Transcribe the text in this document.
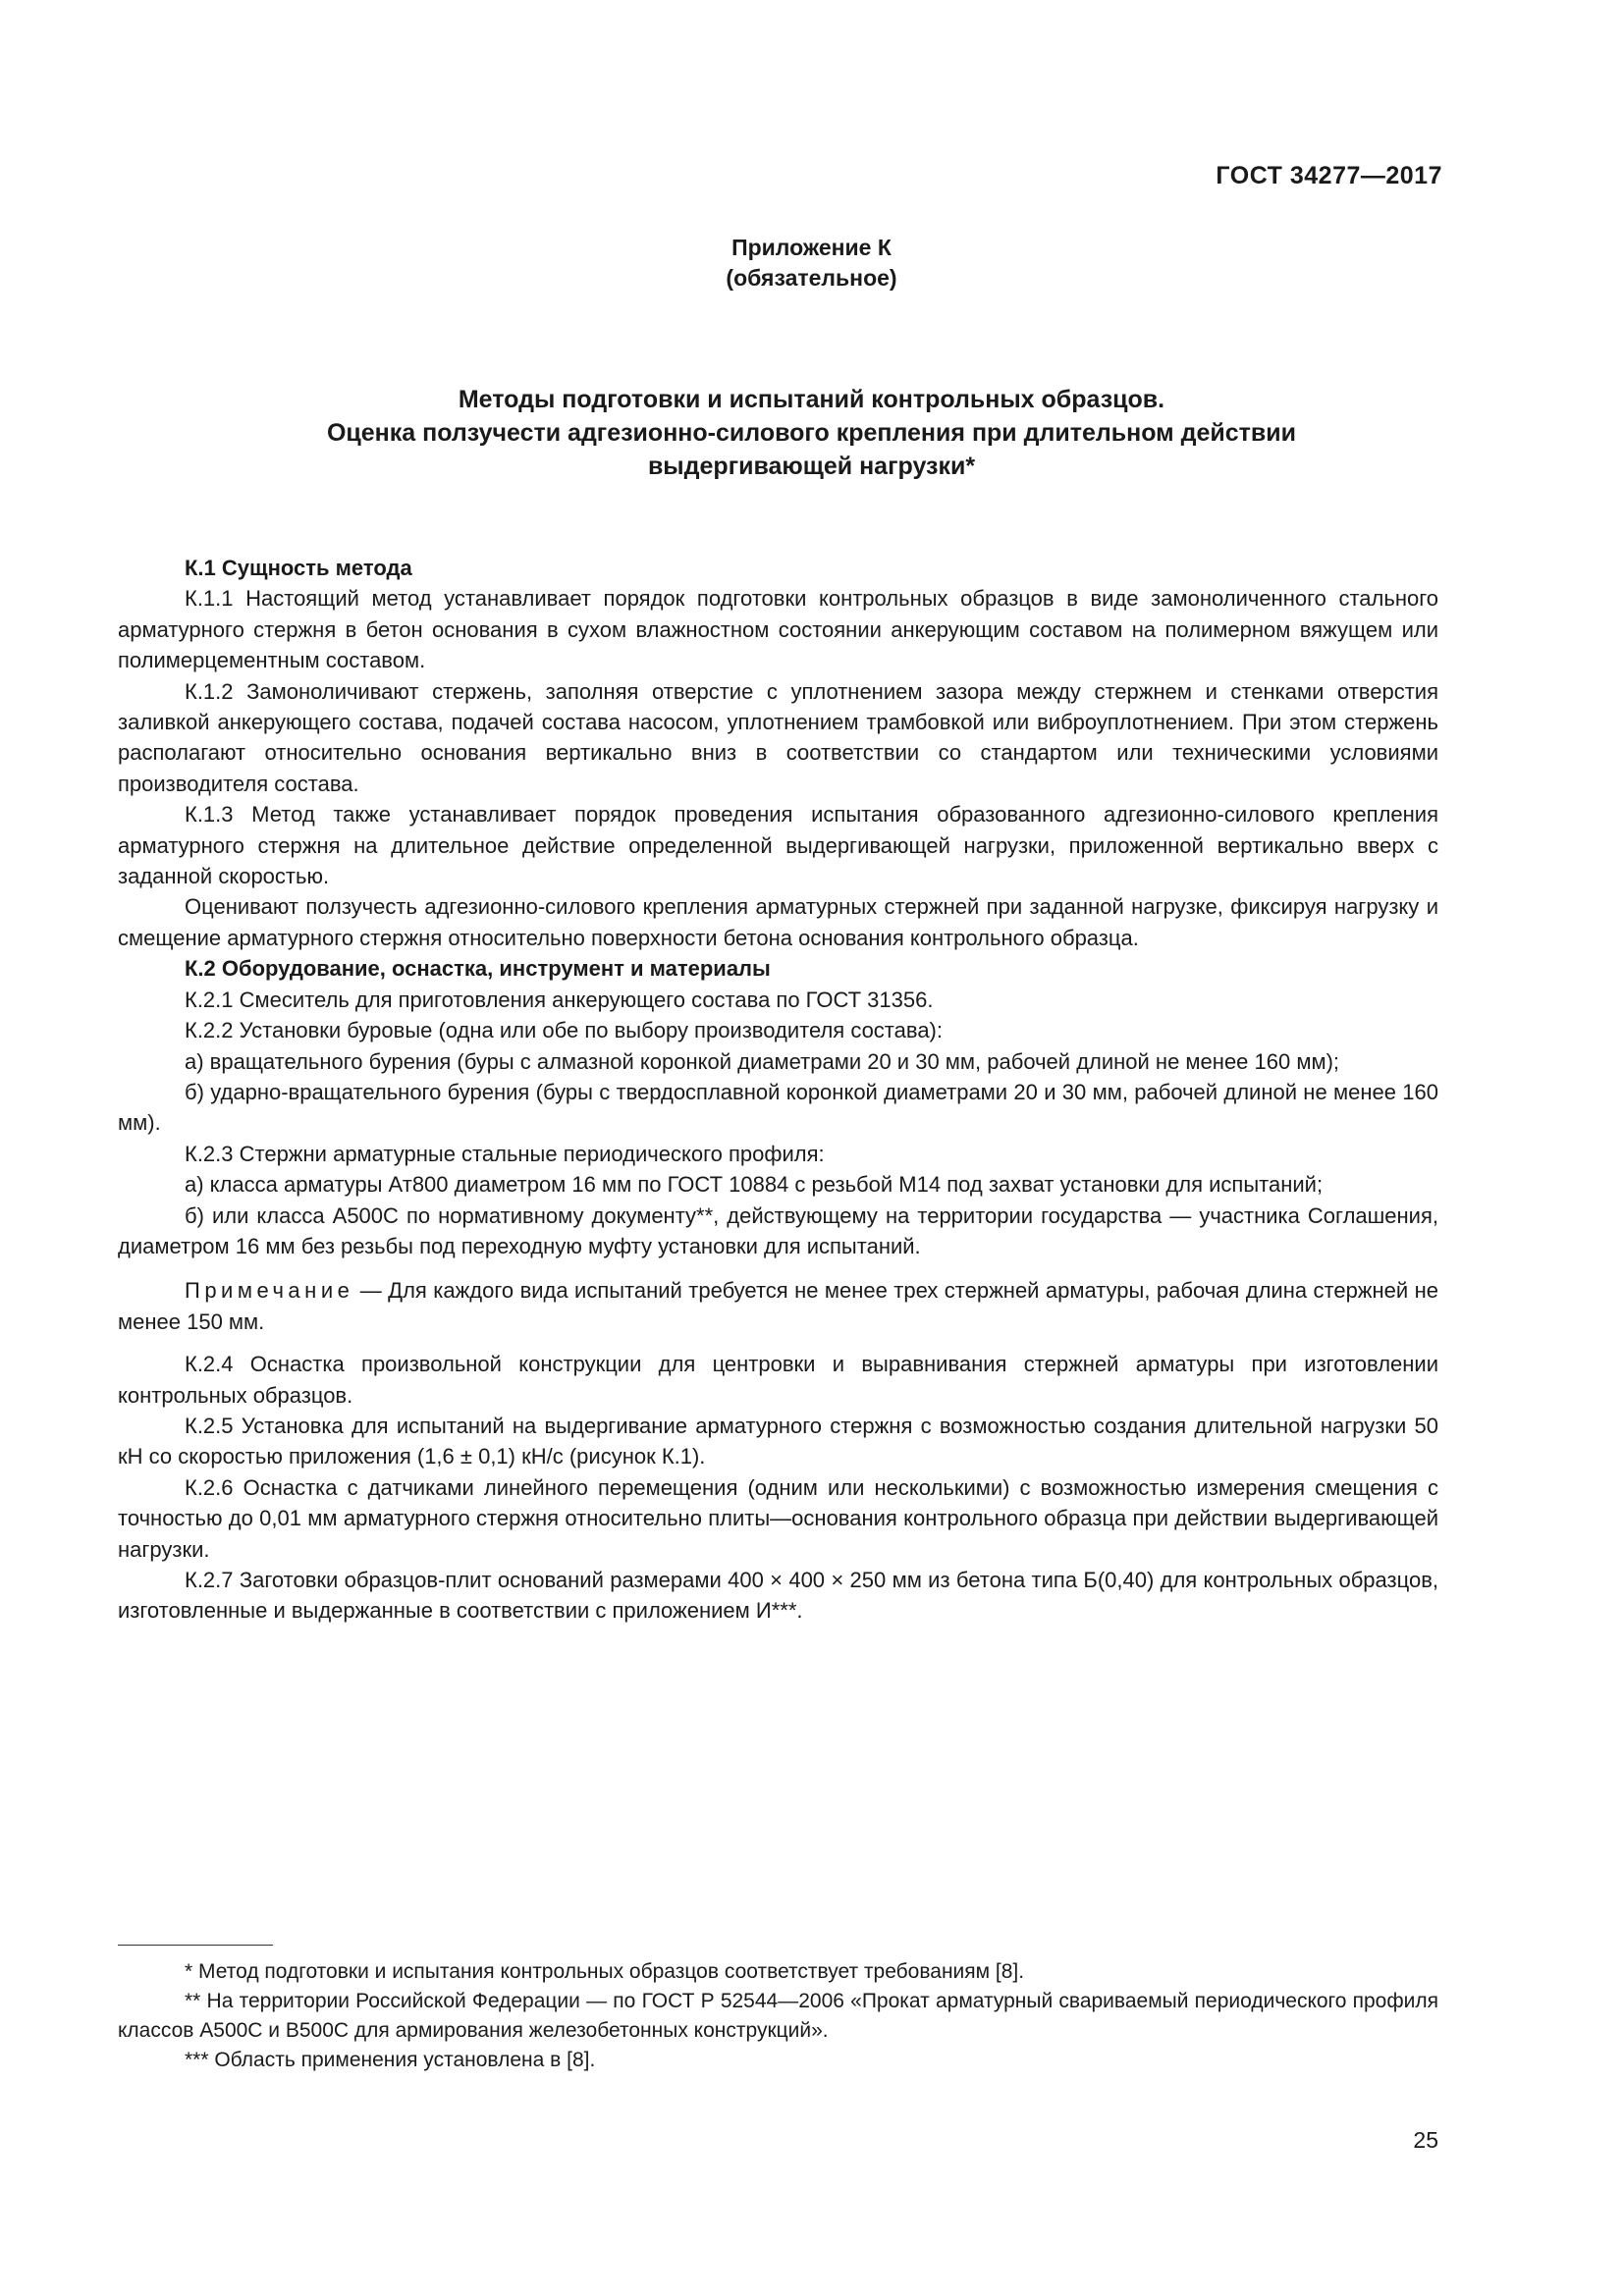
ГОСТ 34277—2017
Приложение К
(обязательное)
Методы подготовки и испытаний контрольных образцов.
Оценка ползучести адгезионно-силового крепления при длительном действии
выдергивающей нагрузки*

К.1 Сущность метода

К.1.1 Настоящий метод устанавливает порядок подготовки контрольных образцов в виде замоноличенного стального арматурного стержня в бетон основания в сухом влажностном состоянии анкерующим составом на полимерном вяжущем или полимерцементным составом.

К.1.2 Замоноличивают стержень, заполняя отверстие с уплотнением зазора между стержнем и стенками отверстия заливкой анкерующего состава, подачей состава насосом, уплотнением трамбовкой или виброуплотнением. При этом стержень располагают относительно основания вертикально вниз в соответствии со стандартом или техническими условиями производителя состава.

К.1.3 Метод также устанавливает порядок проведения испытания образованного адгезионно-силового крепления арматурного стержня на длительное действие определенной выдергивающей нагрузки, приложенной вертикально вверх с заданной скоростью.

Оценивают ползучесть адгезионно-силового крепления арматурных стержней при заданной нагрузке, фиксируя нагрузку и смещение арматурного стержня относительно поверхности бетона основания контрольного образца.

К.2 Оборудование, оснастка, инструмент и материалы

К.2.1 Смеситель для приготовления анкерующего состава по ГОСТ 31356.

К.2.2 Установки буровые (одна или обе по выбору производителя состава):

а) вращательного бурения (буры с алмазной коронкой диаметрами 20 и 30 мм, рабочей длиной не менее 160 мм);

б) ударно-вращательного бурения (буры с твердосплавной коронкой диаметрами 20 и 30 мм, рабочей длиной не менее 160 мм).

К.2.3 Стержни арматурные стальные периодического профиля:

а) класса арматуры Ат800 диаметром 16 мм по ГОСТ 10884 с резьбой М14 под захват установки для испытаний;

б) или класса А500С по нормативному документу**, действующему на территории государства — участника Соглашения, диаметром 16 мм без резьбы под переходную муфту установки для испытаний.

Примечание — Для каждого вида испытаний требуется не менее трех стержней арматуры, рабочая длина стержней не менее 150 мм.

К.2.4 Оснастка произвольной конструкции для центровки и выравнивания стержней арматуры при изготовлении контрольных образцов.

К.2.5 Установка для испытаний на выдергивание арматурного стержня с возможностью создания длительной нагрузки 50 кН со скоростью приложения (1,6 ± 0,1) кН/с (рисунок К.1).

К.2.6 Оснастка с датчиками линейного перемещения (одним или несколькими) с возможностью измерения смещения с точностью до 0,01 мм арматурного стержня относительно плиты—основания контрольного образца при действии выдергивающей нагрузки.

К.2.7 Заготовки образцов-плит оснований размерами 400 × 400 × 250 мм из бетона типа Б(0,40) для контрольных образцов, изготовленные и выдержанные в соответствии с приложением И***.

* Метод подготовки и испытания контрольных образцов соответствует требованиям [8].

** На территории Российской Федерации — по ГОСТ Р 52544—2006 «Прокат арматурный свариваемый периодического профиля классов А500С и В500С для армирования железобетонных конструкций».

*** Область применения установлена в [8].

25
